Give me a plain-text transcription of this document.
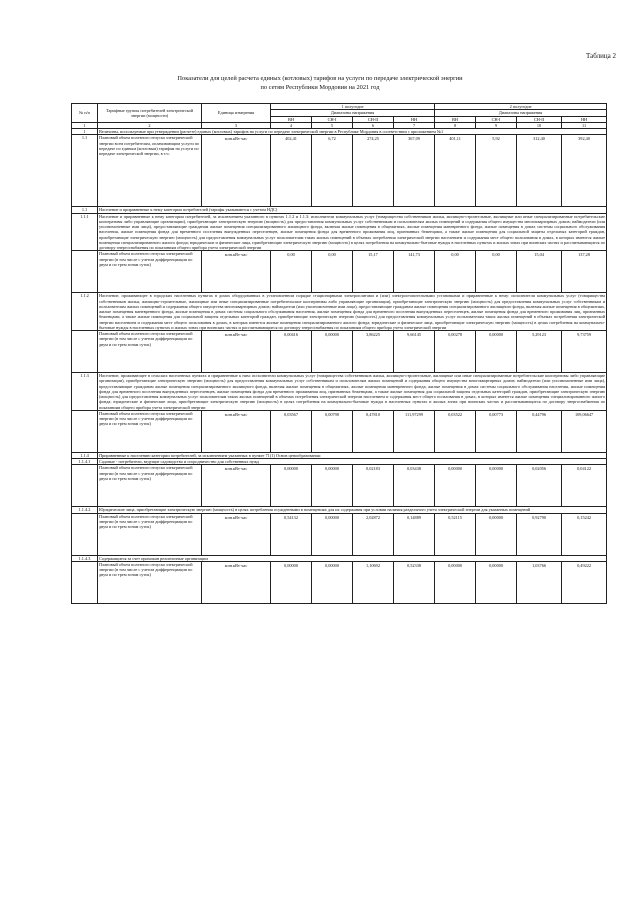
Таблица 2
Показатели для целей расчета единых (котловых) тарифов на услуги по передаче электрической энергии
по сетям Республики Мордовия на 2021 год
№ п/п	Тарифные группы потребителей электрической энергии (мощности)	Единица измерения	1 полугодие				2 полугодие			
			Диапазоны напряжения				Диапазоны напряжения			
			ВН	СН-I	СН-II	НН	ВН	СН-I	СН-II	НН
1	2	3	4	5	6	7	8	9	10	11
1	Величины, используемые при утверждении (расчете) единых (котловых) тарифов на услуги по передаче электрической энергии в Республике Мордовия в соответствии с приложением №1									
1.1	Плановый объем полезного отпуска электрической энергии всем потребителям, оплачивающим услуги по передаче по единым (котловым) тарифам на услуги по передаче электрической энергии, в т.ч.	млн.кВт·час	402,41	6,72	274,25	367,09	401,11	5,92	312,40	392,40
1.1	Население и приравненные к нему категории потребителей (тарифы указываются с учетом НДС)									
1.1.1	Население и приравненные к нему категории потребителей, за исключением указанного в пунктах 1.1.2 и 1.1.3: исполнители коммунальных услуг (товарищества собственников жилья, жилищно-строительные, жилищные или иные специализированные потребительские кооперативы либо управляющие организации), приобретающие электрическую энергию (мощность) для предоставления коммунальных услуг собственникам и пользователям жилых помещений и содержания общего имущества многоквартирных домов; наймодатели (или уполномоченные ими лица), предоставляющие гражданам жилые помещения специализированного жилищного фонда, включая жилые помещения в общежитиях, жилые помещения маневренного фонда, жилые помещения в домах системы социального обслуживания населения, жилые помещения фонда для временного поселения вынужденных переселенцев, жилые помещения фонда для временного проживания лиц, признанных беженцами, а также жилые помещения для социальной защиты отдельных категорий граждан, приобретающие электрическую энергию (мощность) для предоставления коммунальных услуг пользователям таких жилых помещений в объемах потребления электрической энергии населением и содержания мест общего пользования в домах, в которых имеются жилые помещения специализированного жилого фонда; юридические и физические лица, приобретающие электрическую энергию (мощность) в целях потребления на коммунально-бытовые нужды в населенных пунктах и жилых зонах при воинских частях и рассчитывающиеся по договору энергоснабжения по показаниям общего прибора учета электрической энергии									
	Плановый объем полезного отпуска электрической энергии (в том числе с учетом дифференциации по двум и по трем зонам суток)	млн.кВт·час	0,00	0,00	15,17	141,73	0,00	0,00	15,04	137,28
1.1.2	Население, проживающее в городских населенных пунктах в домах оборудованных в установленном порядке стационарными электроплитами и (или) электроотопительными установками и приравненные к нему: исполнители коммунальных услуг (товарищества собственников жилья, жилищно-строительные, жилищные или иные специализированные потребительские кооперативы либо управляющие организации), приобретающие электрическую энергию (мощность) для предоставления коммунальных услуг собственникам и пользователям жилых помещений и содержания общего имущества многоквартирных домов; наймодатели (или уполномоченные ими лица), предоставляющие гражданам жилые помещения специализированного жилищного фонда, включая жилые помещения в общежитиях, жилые помещения маневренного фонда, жилые помещения в домах системы социального обслуживания населения, жилые помещения фонда для временного поселения вынужденных переселенцев, жилые помещения фонда для временного проживания лиц, признанных беженцами, а также жилые помещения для социальной защиты отдельных категорий граждан, приобретающие электрическую энергию (мощность) для предоставления коммунальных услуг пользователям таких жилых помещений в объемах потребления электрической энергии населением и содержания мест общего пользования в домах, в которых имеются жилые помещения специализированного жилого фонда; юридические и физические лица, приобретающие электрическую энергию (мощность) в целях потребления на коммунально-бытовые нужды в населенных пунктах и жилых зонах при воинских частях и рассчитывающиеся по договору энергоснабжения по показаниям общего прибора учета электрической энергии									
	Плановый объем полезного отпуска электрической энергии (в том числе с учетом дифференциации по двум и по трем зонам суток)	млн.кВт·час	0,00416	0,00000	3,86225	9,66145	0,00278	0,00000	5,29123	9,73759
1.1.3	Население, проживающее в сельских населенных пунктах и приравненные к ним: исполнители коммунальных услуг (товарищества собственников жилья, жилищно-строительные, жилищные или иные специализированные потребительские кооперативы либо управляющие организации), приобретающие электрическую энергию (мощность) для предоставления коммунальных услуг собственникам и пользователям жилых помещений и содержания общего имущества многоквартирных домов; наймодатели (или уполномоченные ими лица), предоставляющие гражданам жилые помещения специализированного жилищного фонда, включая жилые помещения в общежитиях, жилые помещения маневренного фонда, жилые помещения в домах системы социального обслуживания населения, жилые помещения фонда для временного поселения вынужденных переселенцев, жилые помещения фонда для временного проживания лиц, признанных беженцами, а также жилые помещения для социальной защиты отдельных категорий граждан, приобретающие электрическую энергию (мощность) для предоставления коммунальных услуг пользователям таких жилых помещений в объемах потребления электрической энергии населением и содержания мест общего пользования в домах, в которых имеются жилые помещения специализированного жилого фонда; юридические и физические лица, приобретающие электрическую энергию (мощность) в целях потребления на коммунально-бытовые нужды в населенных пунктах и жилых зонах при воинских частях и рассчитывающиеся по договору энергоснабжения по показаниям общего прибора учета электрической энергии									
	Плановый объем полезного отпуска электрической энергии (в том числе с учетом дифференциации по двум и по трем зонам суток)	млн.кВт·час	0,03567	0,00798	0,47810	111,97299	0,03522	0,00773	0,44796	109,06647
1.1.4	Приравненные к населению категории потребителей, за исключением указанных в пункте 71(1) Основ ценообразования:									
1.1.4.1	Садовые - потребители, ведущие садоводство и огородничество для собственных нужд									
	Плановый объем полезного отпуска электрической энергии (в том числе с учетом дифференциации по двум и по трем зонам суток)	млн.кВт·час	0,00000	0,00000	0,02183	0,03438	0,00000	0,00000	0,02056	0,04122
1.1.4.2	Юридические лица, приобретающие электрическую энергию (мощность) в целях потребления осужденными в помещениях для их содержания при условии наличия раздельного учета электрической энергии для указанных помещений									
	Плановый объем полезного отпуска электрической энергии (в том числе с учетом дифференциации по двум и по трем зонам суток)	млн.кВт·час	0,54132	0,00000	2,02872	0,14889	0,52115	0,00000	0,92790	0,15242
1.1.4.3	Содержащиеся за счет прихожан религиозные организации									
	Плановый объем полезного отпуска электрической энергии (в том числе с учетом дифференциации по двум и по трем зонам суток)	млн.кВт·час	0,00000	0,00000	1,10692	0,52338	0,00000	0,00000	1,03766	0,49222
